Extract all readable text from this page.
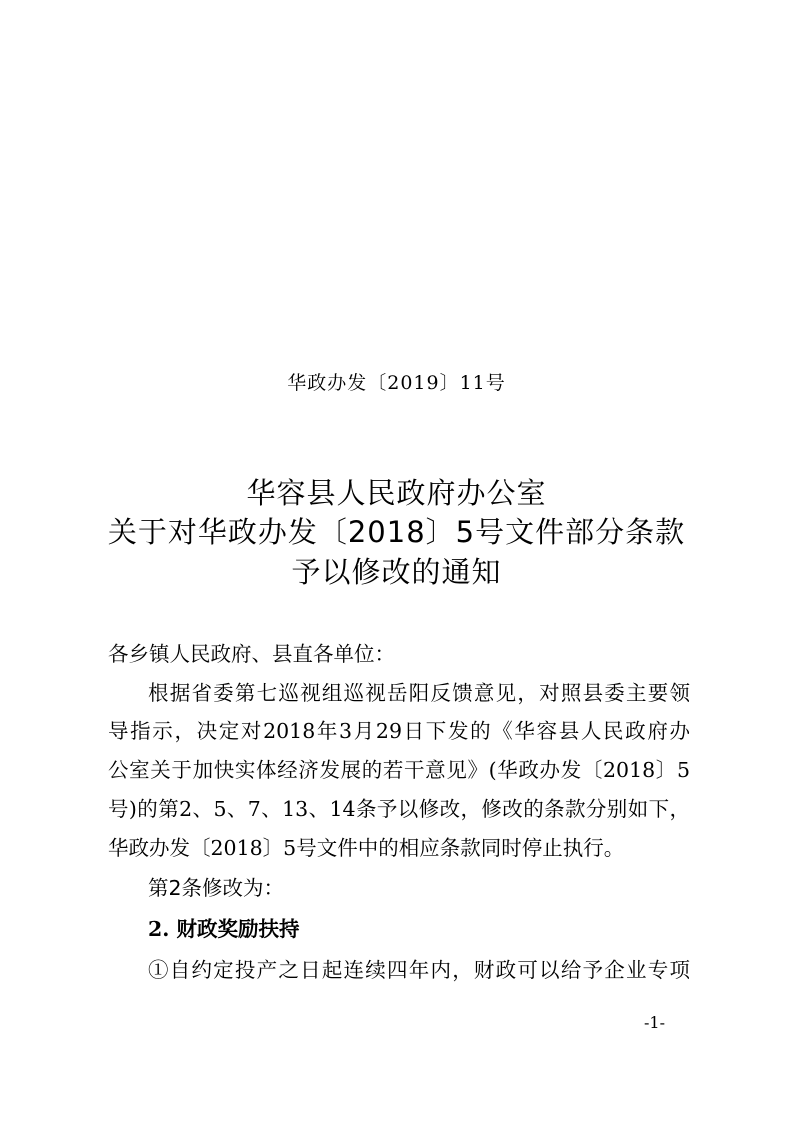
华政办发〔2019〕11号
华容县人民政府办公室
关于对华政办发〔2018〕5号文件部分条款
予以修改的通知
各乡镇人民政府、县直各单位：
根据省委第七巡视组巡视岳阳反馈意见，对照县委主要领
导指示，决定对2018年3月29日下发的《华容县人民政府办
公室关于加快实体经济发展的若干意见》(华政办发〔2018〕5
号)的第2、5、7、13、14条予以修改，修改的条款分别如下，
华政办发〔2018〕5号文件中的相应条款同时停止执行。
第2条修改为：
2. 财政奖励扶持
①自约定投产之日起连续四年内，财政可以给予企业专项
-1-
